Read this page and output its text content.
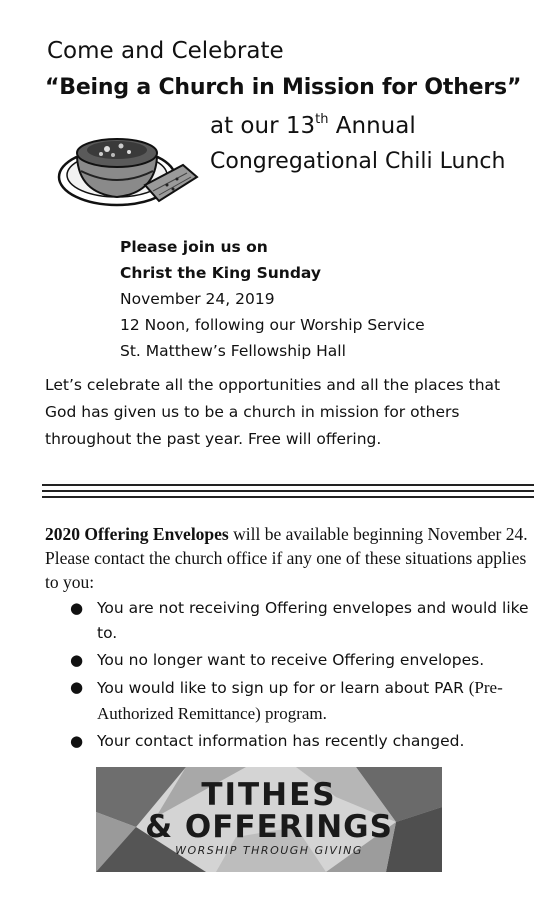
Come and Celebrate
“Being a Church in Mission for Others”
at our 13th Annual
Congregational Chili Lunch
Please join us on
Christ the King Sunday
November 24, 2019
12 Noon, following our Worship Service
St. Matthew’s Fellowship Hall
Let’s celebrate all the opportunities and all the places that God has given us to be a church in mission for others throughout the past year. Free will offering.
2020 Offering Envelopes will be available beginning November 24. Please contact the church office if any one of these situations applies to you:
● You are not receiving Offering envelopes and would like to.
● You no longer want to receive Offering envelopes.
● You would like to sign up for or learn about PAR (Pre-Authorized Remittance) program.
● Your contact information has recently changed.
TITHES
& OFFERINGS
WORSHIP THROUGH GIVING
